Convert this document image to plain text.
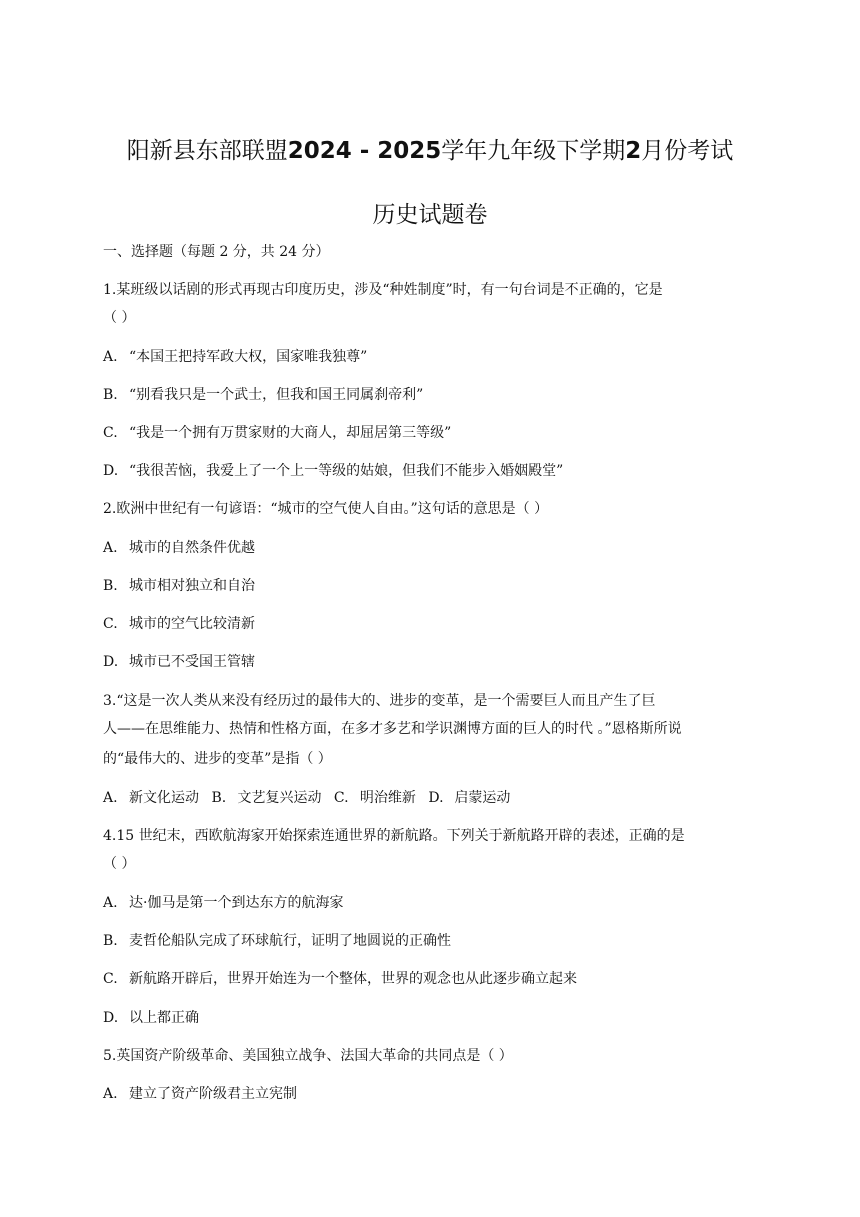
阳新县东部联盟2024 - 2025学年九年级下学期2月份考试
历史试题卷
一、选择题（每题 2 分，共 24 分）
1.某班级以话剧的形式再现古印度历史，涉及“种姓制度”时，有一句台词是不正确的，它是
（ ）
A. “本国王把持军政大权，国家唯我独尊”
B. “别看我只是一个武士，但我和国王同属刹帝利”
C. “我是一个拥有万贯家财的大商人，却屈居第三等级”
D. “我很苦恼，我爱上了一个上一等级的姑娘，但我们不能步入婚姻殿堂”
2.欧洲中世纪有一句谚语：“城市的空气使人自由。”这句话的意思是（ ）
A. 城市的自然条件优越
B. 城市相对独立和自治
C. 城市的空气比较清新
D. 城市已不受国王管辖
3.“这是一次人类从来没有经历过的最伟大的、进步的变革，是一个需要巨人而且产生了巨
人——在思维能力、热情和性格方面，在多才多艺和学识渊博方面的巨人的时代 。”恩格斯所说
的“最伟大的、进步的变革”是指（ ）
A. 新文化运动 B. 文艺复兴运动 C. 明治维新 D. 启蒙运动
4.15 世纪末，西欧航海家开始探索连通世界的新航路。下列关于新航路开辟的表述，正确的是
（ ）
A. 达·伽马是第一个到达东方的航海家
B. 麦哲伦船队完成了环球航行，证明了地圆说的正确性
C. 新航路开辟后，世界开始连为一个整体，世界的观念也从此逐步确立起来
D. 以上都正确
5.英国资产阶级革命、美国独立战争、法国大革命的共同点是（ ）
A. 建立了资产阶级君主立宪制
